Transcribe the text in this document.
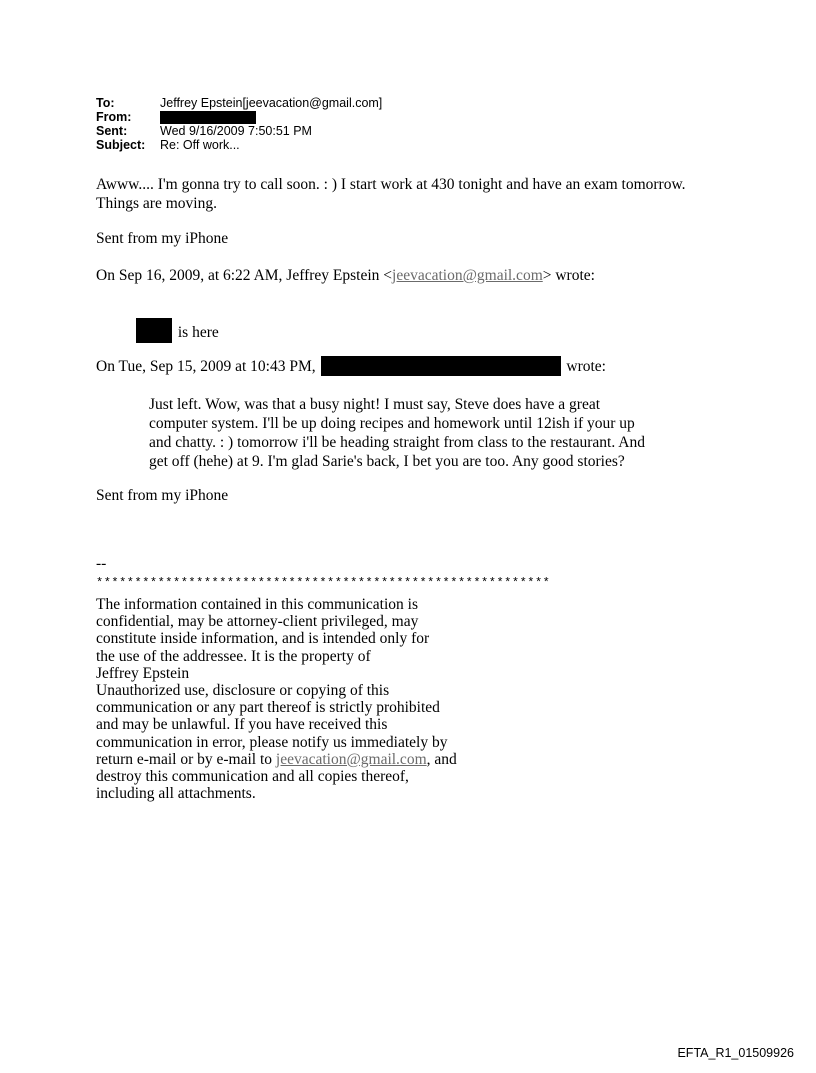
To:	Jeffrey Epstein[jeevacation@gmail.com]
From:
Sent:	Wed 9/16/2009 7:50:51 PM
Subject:	Re: Off work...
Awww.... I'm gonna try to call soon. : ) I start work at 430 tonight and have an exam tomorrow.
Things are moving.
Sent from my iPhone
On Sep 16, 2009, at 6:22 AM, Jeffrey Epstein <jeevacation@gmail.com> wrote:
is here
On Tue, Sep 15, 2009 at 10:43 PM,	wrote:
Just left. Wow, was that a busy night! I must say, Steve does have a great
computer system. I'll be up doing recipes and homework until 12ish if your up
and chatty. : ) tomorrow i'll be heading straight from class to the restaurant. And
get off (hehe) at 9. I'm glad Sarie's back, I bet you are too. Any good stories?
Sent from my iPhone
--
***********************************************************
The information contained in this communication is
confidential, may be attorney-client privileged, may
constitute inside information, and is intended only for
the use of the addressee. It is the property of
Jeffrey Epstein
Unauthorized use, disclosure or copying of this
communication or any part thereof is strictly prohibited
and may be unlawful. If you have received this
communication in error, please notify us immediately by
return e-mail or by e-mail to jeevacation@gmail.com, and
destroy this communication and all copies thereof,
including all attachments.
EFTA_R1_01509926
